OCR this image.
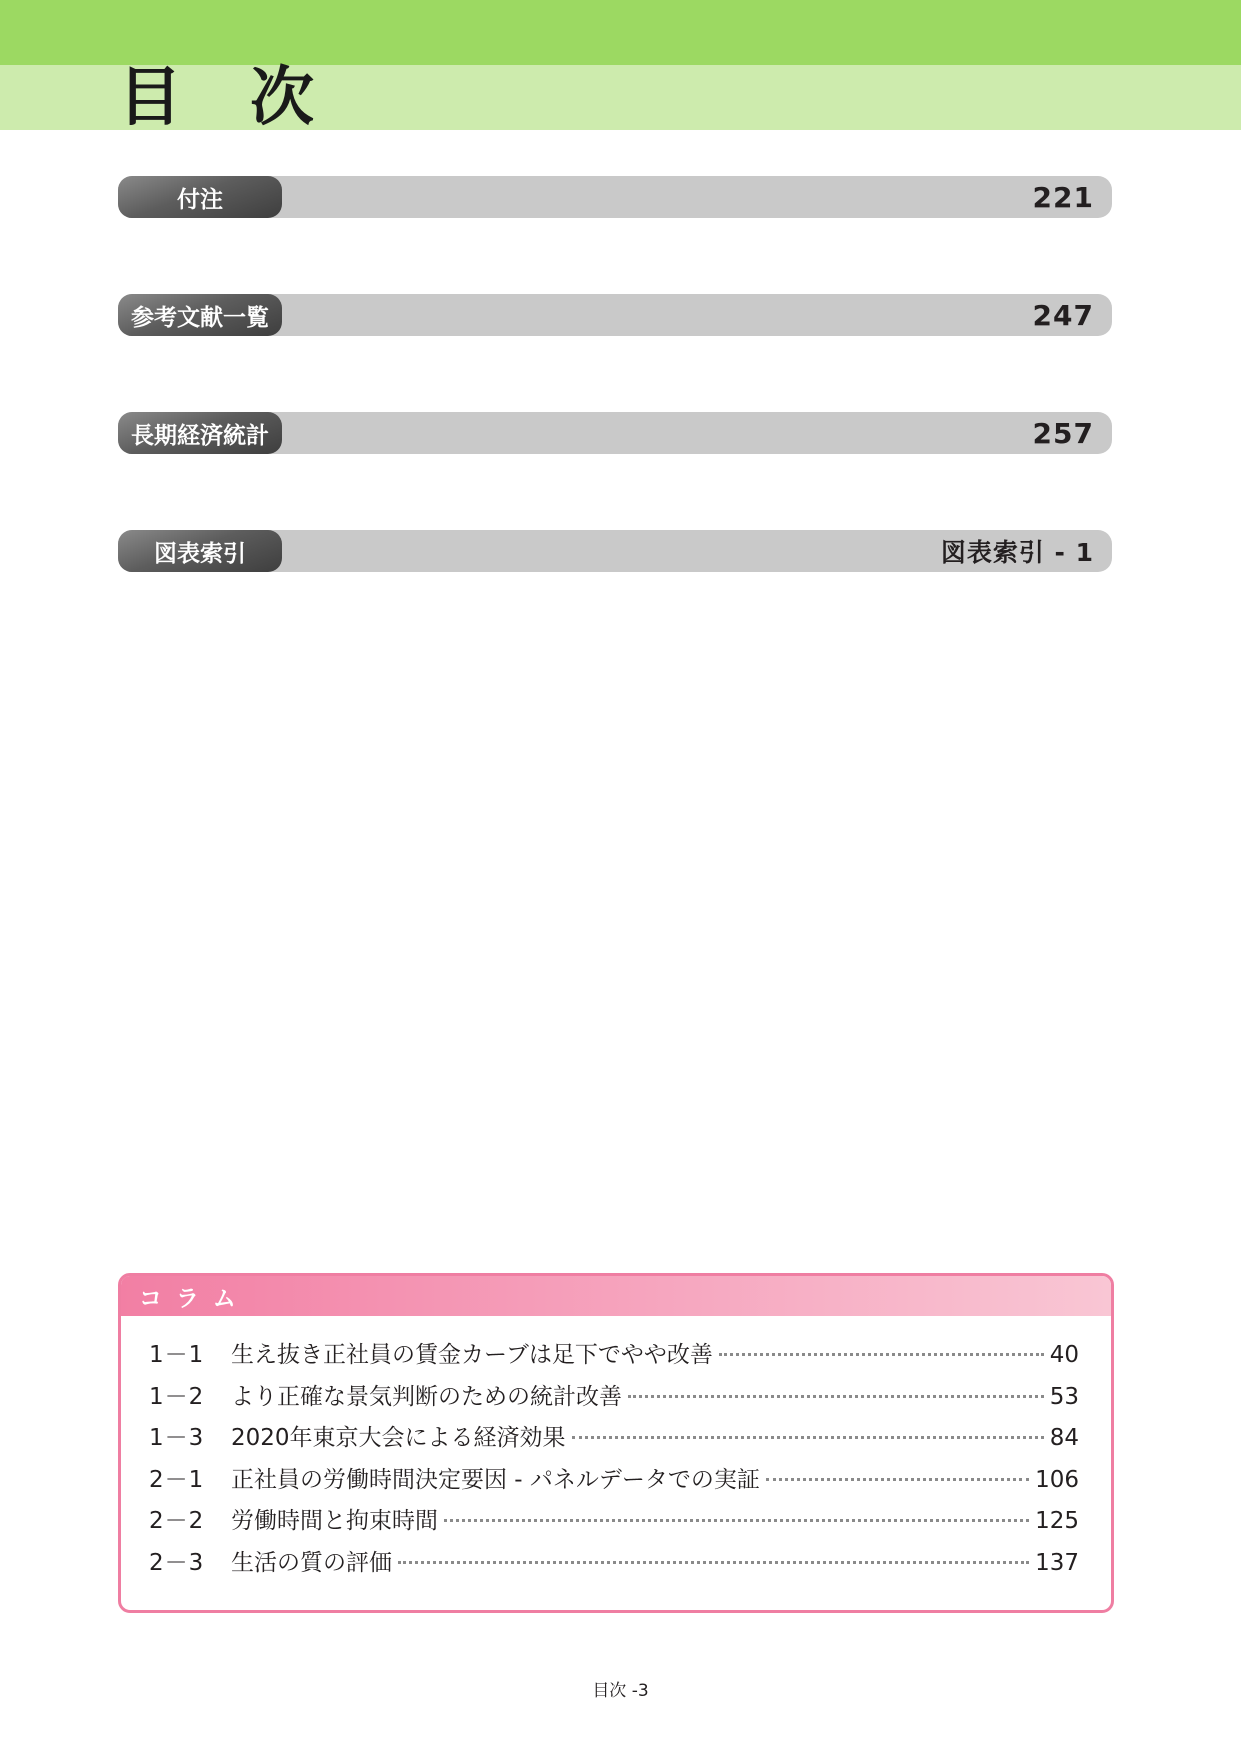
目　次
付注	221
参考文献一覧	247
長期経済統計	257
図表索引	図表索引 - 1
コラム
1－1	生え抜き正社員の賃金カーブは足下でやや改善	40
1－2	より正確な景気判断のための統計改善	53
1－3	2020年東京大会による経済効果	84
2－1	正社員の労働時間決定要因 - パネルデータでの実証	106
2－2	労働時間と拘束時間	125
2－3	生活の質の評価	137
目次 -3
